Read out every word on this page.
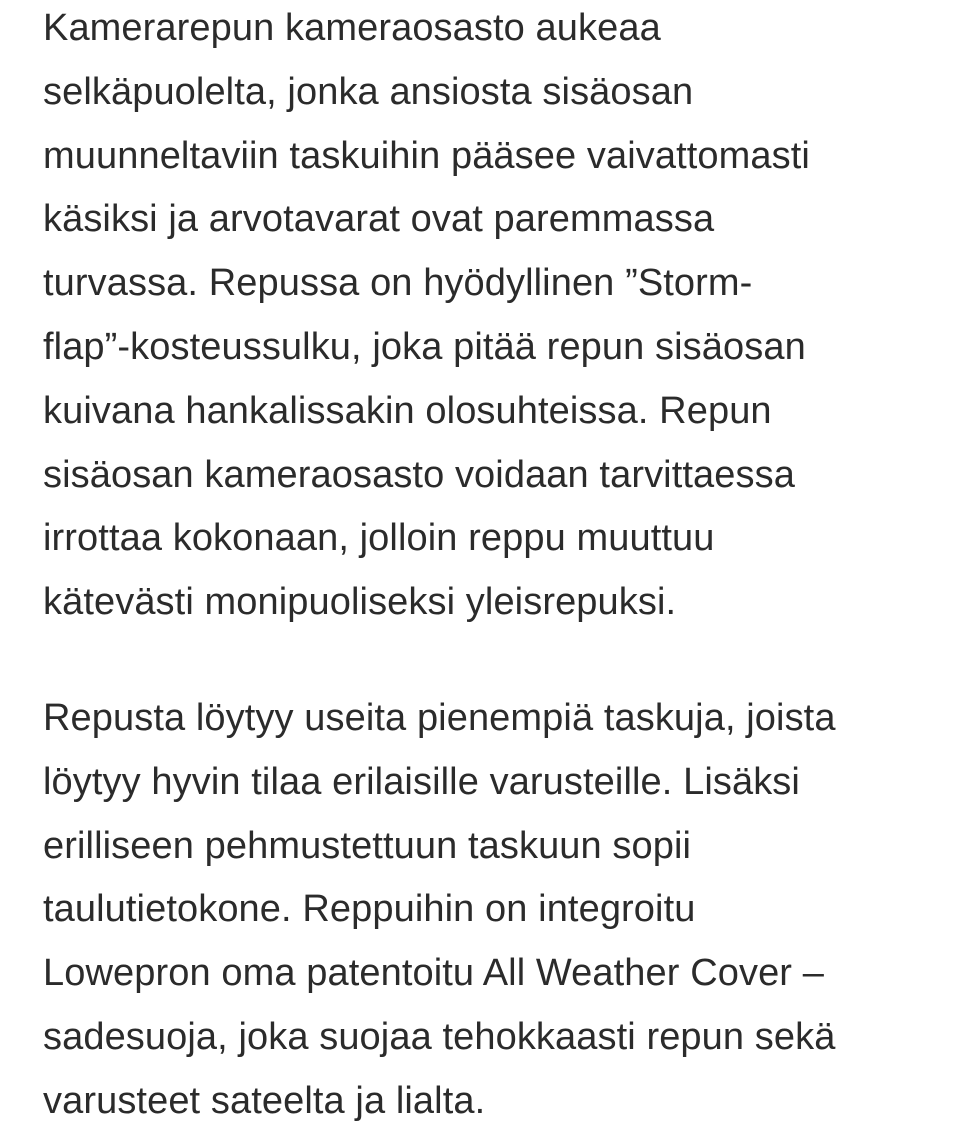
Kamerarepun kameraosasto aukeaa
selkäpuolelta, jonka ansiosta sisäosan
muunneltaviin taskuihin pääsee vaivattomasti
käsiksi ja arvotavarat ovat paremmassa
turvassa. Repussa on hyödyllinen ”Storm-
flap”-kosteussulku, joka pitää repun sisäosan
kuivana hankalissakin olosuhteissa. Repun
sisäosan kameraosasto voidaan tarvittaessa
irrottaa kokonaan, jolloin reppu muuttuu
kätevästi monipuoliseksi yleisrepuksi.

Repusta löytyy useita pienempiä taskuja, joista
löytyy hyvin tilaa erilaisille varusteille. Lisäksi
erilliseen pehmustettuun taskuun sopii
taulutietokone. Reppuihin on integroitu
Lowepron oma patentoitu All Weather Cover –
sadesuoja, joka suojaa tehokkaasti repun sekä
varusteet sateelta ja lialta.
